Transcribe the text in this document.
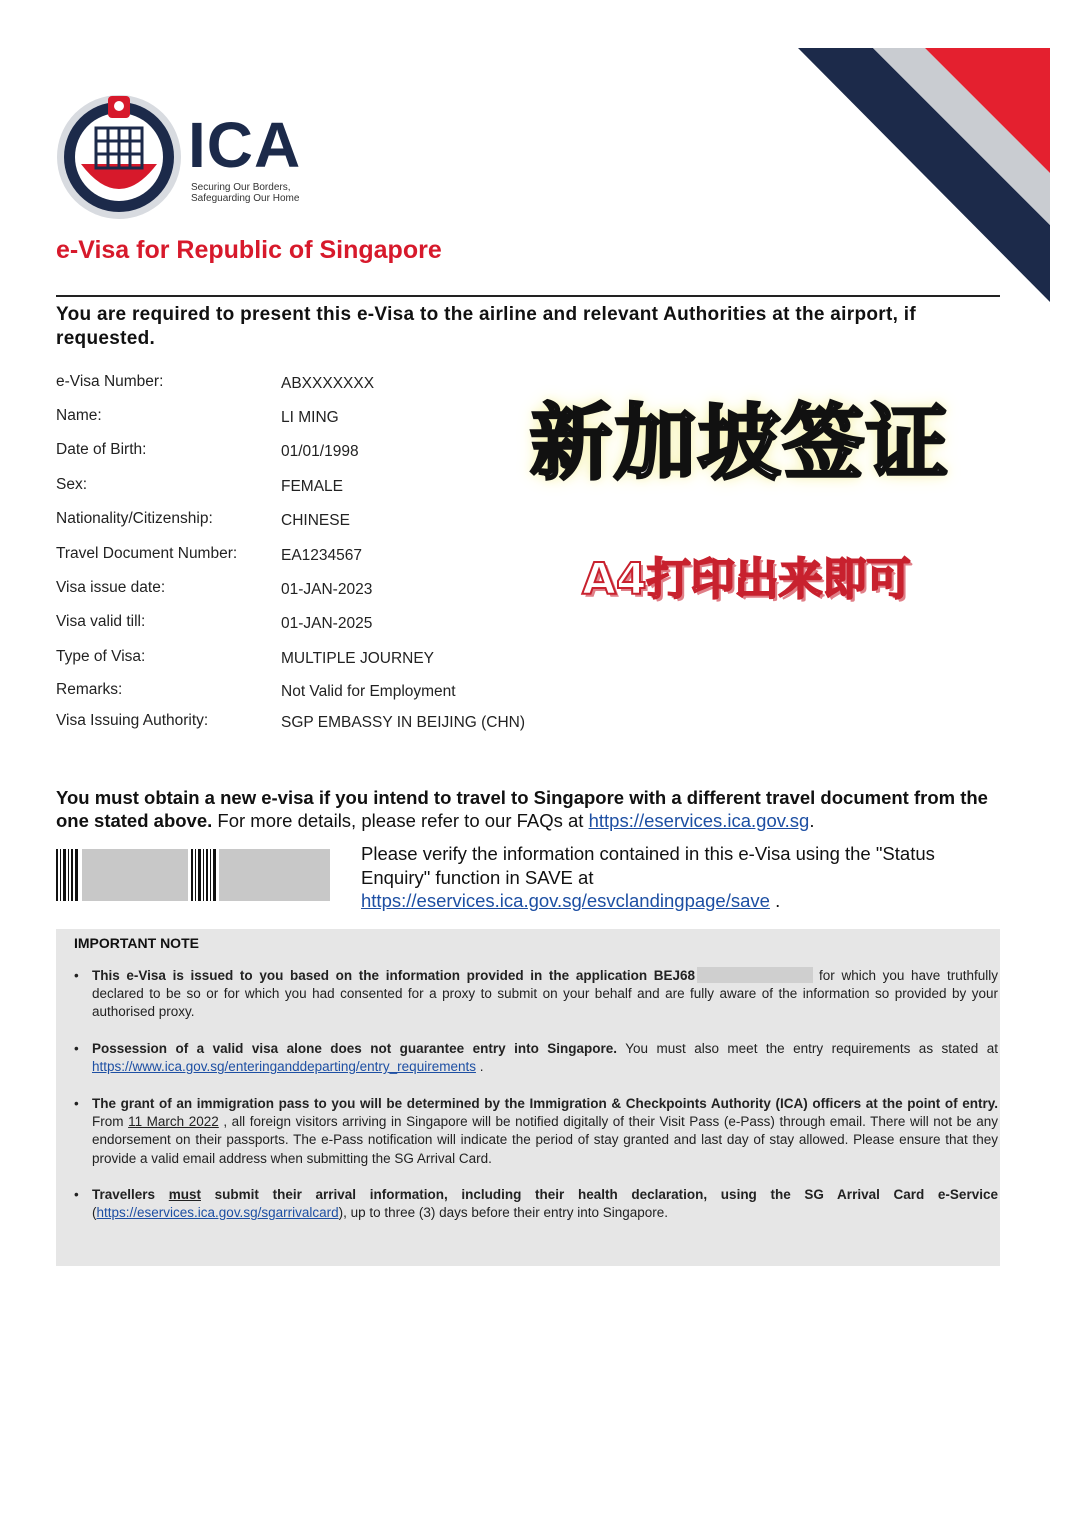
ICA
Securing Our Borders,
Safeguarding Our Home
e-Visa for Republic of Singapore
You are required to present this e-Visa to the airline and relevant Authorities at the airport, if requested.
e-Visa Number:	ABXXXXXXX
Name:	LI MING
Date of Birth:	01/01/1998
Sex:	FEMALE
Nationality/Citizenship:	CHINESE
Travel Document Number:	EA1234567
Visa issue date:	01-JAN-2023
Visa valid till:	01-JAN-2025
Type of Visa:	MULTIPLE JOURNEY
Remarks:	Not Valid for Employment
Visa Issuing Authority:	SGP EMBASSY IN BEIJING (CHN)
新加坡签证
A4打印出来即可
You must obtain a new e-visa if you intend to travel to Singapore with a different travel document from the one stated above. For more details, please refer to our FAQs at https://eservices.ica.gov.sg.
Please verify the information contained in this e-Visa using the "Status Enquiry" function in SAVE at https://eservices.ica.gov.sg/esvclandingpage/save .
IMPORTANT NOTE
• This e-Visa is issued to you based on the information provided in the application BEJ68	for which you have truthfully declared to be so or for which you had consented for a proxy to submit on your behalf and are fully aware of the information so provided by your authorised proxy.
• Possession of a valid visa alone does not guarantee entry into Singapore. You must also meet the entry requirements as stated at https://www.ica.gov.sg/enteringanddeparting/entry_requirements .
• The grant of an immigration pass to you will be determined by the Immigration & Checkpoints Authority (ICA) officers at the point of entry. From 11 March 2022 , all foreign visitors arriving in Singapore will be notified digitally of their Visit Pass (e-Pass) through email. There will not be any endorsement on their passports. The e-Pass notification will indicate the period of stay granted and last day of stay allowed. Please ensure that they provide a valid email address when submitting the SG Arrival Card.
• Travellers must submit their arrival information, including their health declaration, using the SG Arrival Card e-Service (https://eservices.ica.gov.sg/sgarrivalcard), up to three (3) days before their entry into Singapore.
